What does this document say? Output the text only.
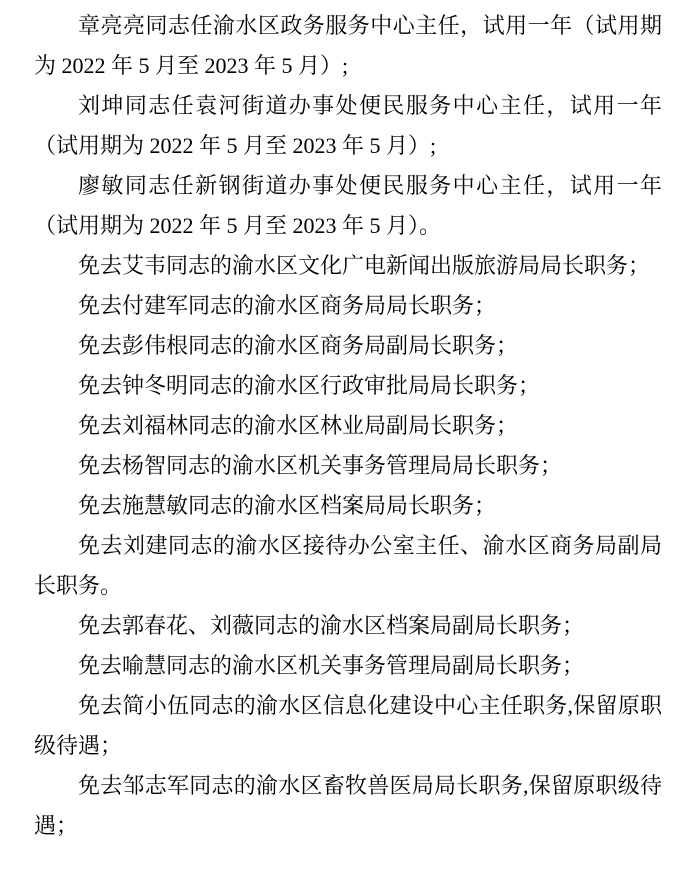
章亮亮同志任渝水区政务服务中心主任，试用一年（试用期为 2022 年 5 月至 2023 年 5 月）;

刘坤同志任袁河街道办事处便民服务中心主任，试用一年（试用期为 2022 年 5 月至 2023 年 5 月）;

廖敏同志任新钢街道办事处便民服务中心主任，试用一年（试用期为 2022 年 5 月至 2023 年 5 月）。

免去艾韦同志的渝水区文化广电新闻出版旅游局局长职务；

免去付建军同志的渝水区商务局局长职务；

免去彭伟根同志的渝水区商务局副局长职务；

免去钟冬明同志的渝水区行政审批局局长职务；

免去刘福林同志的渝水区林业局副局长职务；

免去杨智同志的渝水区机关事务管理局局长职务；

免去施慧敏同志的渝水区档案局局长职务；

免去刘建同志的渝水区接待办公室主任、渝水区商务局副局长职务。

免去郭春花、刘薇同志的渝水区档案局副局长职务；

免去喻慧同志的渝水区机关事务管理局副局长职务；

免去简小伍同志的渝水区信息化建设中心主任职务,保留原职级待遇；

免去邹志军同志的渝水区畜牧兽医局局长职务,保留原职级待遇；
